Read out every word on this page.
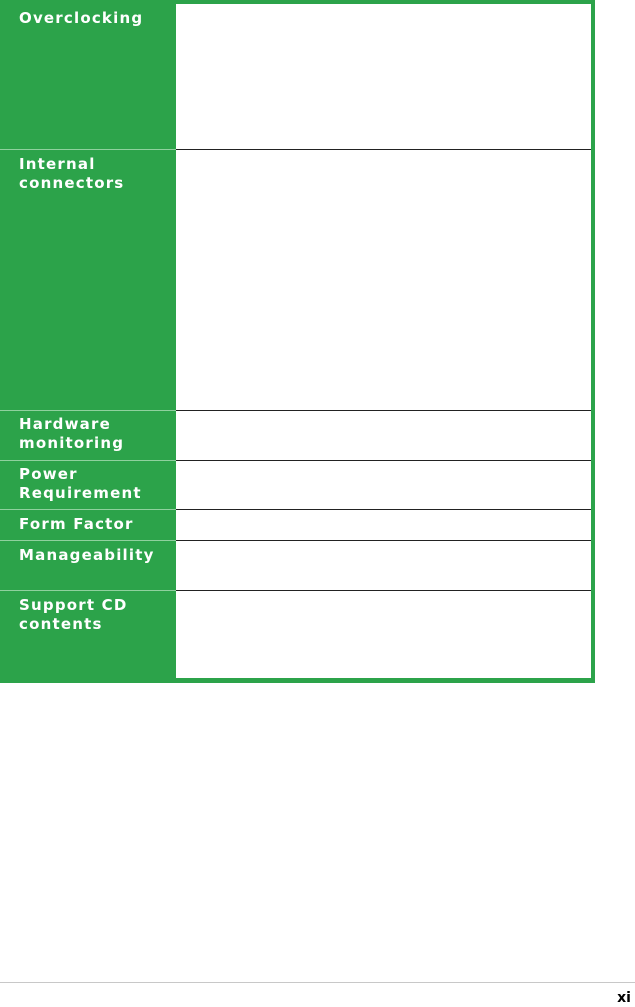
Overclocking
Internal
connectors
Hardware
monitoring
Power
Requirement
Form Factor
Manageability
Support CD
contents
xi
